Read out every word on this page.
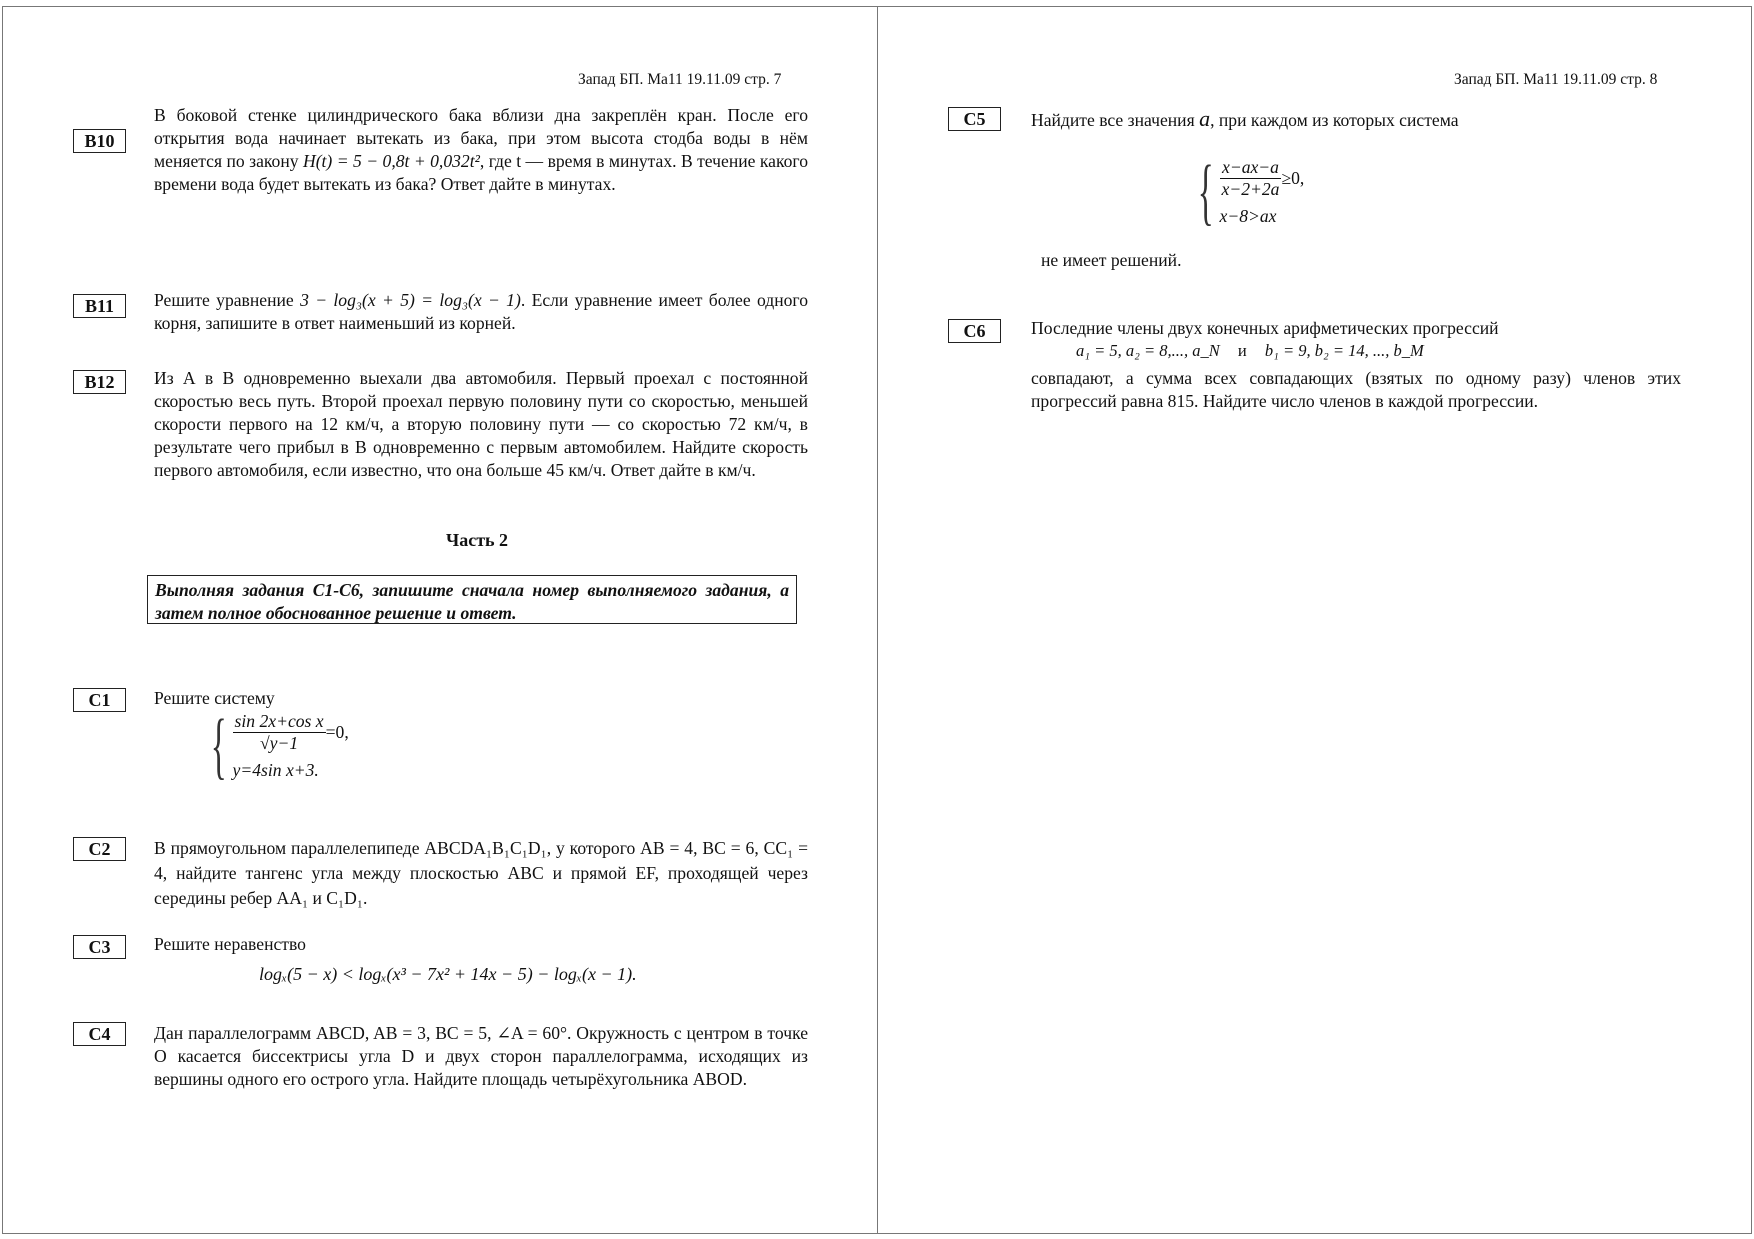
Запад БП. Ма11 19.11.09 стр. 7
B10
В боковой стенке цилиндрического бака вблизи дна закреплён кран. После его открытия вода начинает вытекать из бака, при этом высота стодба воды в нём меняется по закону H(t) = 5 − 0,8t + 0,032t², где t — время в минутах. В течение какого времени вода будет вытекать из бака? Ответ дайте в минутах.
B11	Решите уравнение 3 − log₃(x + 5) = log₃(x − 1). Если уравнение имеет более одного корня, запишите в ответ наименьший из корней.
B12	Из А в В одновременно выехали два автомобиля. Первый проехал с постоянной скоростью весь путь. Второй проехал первую половину пути со скоростью, меньшей скорости первого на 12 км/ч, а вторую половину пути — со скоростью 72 км/ч, в результате чего прибыл в В одновременно с первым автомобилем. Найдите скорость первого автомобиля, если известно, что она больше 45 км/ч. Ответ дайте в км/ч.
Часть 2
Выполняя задания С1-С6, запишите сначала номер выполняемого задания, а затем полное обоснованное решение и ответ.
C1	Решите систему
{ $\frac{\text{sin 2x+cos x}}{√y-1} =0$,
y=4sin x+3.
C2	В прямоугольном параллелепипеде ABCDA₁B₁C₁D₁, у которого AB = 4, BC = 6, CC₁ = 4, найдите тангенс угла между плоскостью ABC и прямой EF, проходящей через середины ребер AA₁ и C₁D₁.
C3	Решите неравенство
logₓ(5 − x) < logₓ(x³ − 7x² + 14x − 5) − logₓ(x − 1).
C4	Дан параллелограмм ABCD, AB = 3, BC = 5, ∠A = 60°. Окружность с центром в точке O касается биссектрисы угла D и двух сторон параллелограмма, исходящих из вершины одного его острого угла. Найдите площадь четырёхугольника ABOD.
Запад БП. Ма11 19.11.09 стр. 8
C5	Найдите все значения a, при каждом из которых система
{ $\frac{x-ax-a}{x-2+2a} \ge 0$,
x−8>ax
не имеет решений.
C6	Последние члены двух конечных арифметических прогрессий
a₁ = 5, a₂ = 8,..., a_N и b₁ = 9, b₂ = 14, ..., b_M
совпадают, а сумма всех совпадающих (взятых по одному разу) членов этих прогрессий равна 815. Найдите число членов в каждой прогрессии.
